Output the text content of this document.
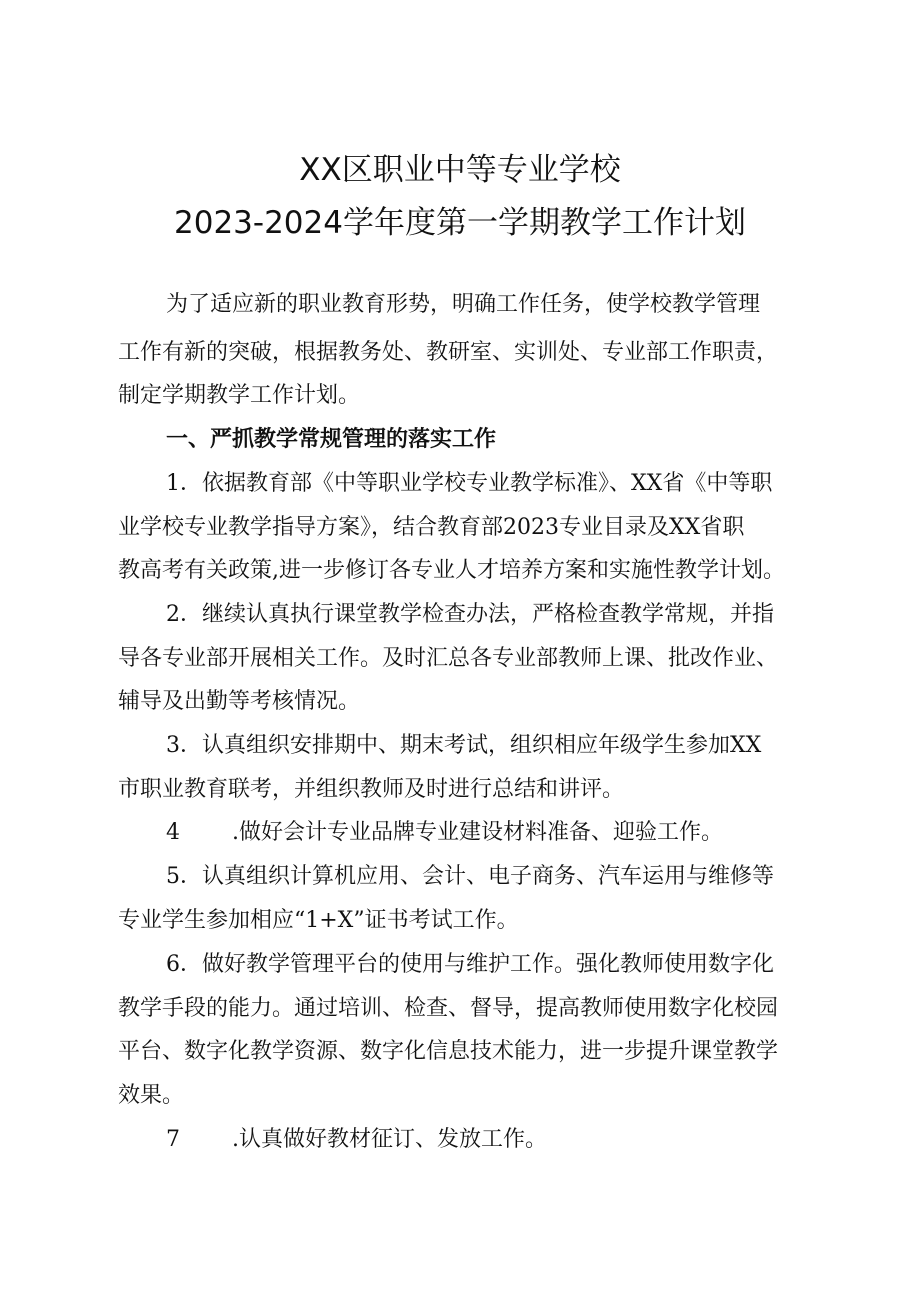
XX区职业中等专业学校
2023-2024学年度第一学期教学工作计划
为了适应新的职业教育形势，明确工作任务，使学校教学管理
工作有新的突破，根据教务处、教研室、实训处、专业部工作职责，
制定学期教学工作计划。
一、严抓教学常规管理的落实工作
1．依据教育部《中等职业学校专业教学标准》、XX省《中等职
业学校专业教学指导方案》，结合教育部2023专业目录及XX省职
教高考有关政策,进一步修订各专业人才培养方案和实施性教学计划。
2．继续认真执行课堂教学检查办法，严格检查教学常规，并指
导各专业部开展相关工作。及时汇总各专业部教师上课、批改作业、
辅导及出勤等考核情况。
3．认真组织安排期中、期末考试，组织相应年级学生参加XX
市职业教育联考，并组织教师及时进行总结和讲评。
4 .做好会计专业品牌专业建设材料准备、迎验工作。
5．认真组织计算机应用、会计、电子商务、汽车运用与维修等
专业学生参加相应“1+X”证书考试工作。
6．做好教学管理平台的使用与维护工作。强化教师使用数字化
教学手段的能力。通过培训、检查、督导，提高教师使用数字化校园
平台、数字化教学资源、数字化信息技术能力，进一步提升课堂教学
效果。
7 .认真做好教材征订、发放工作。
